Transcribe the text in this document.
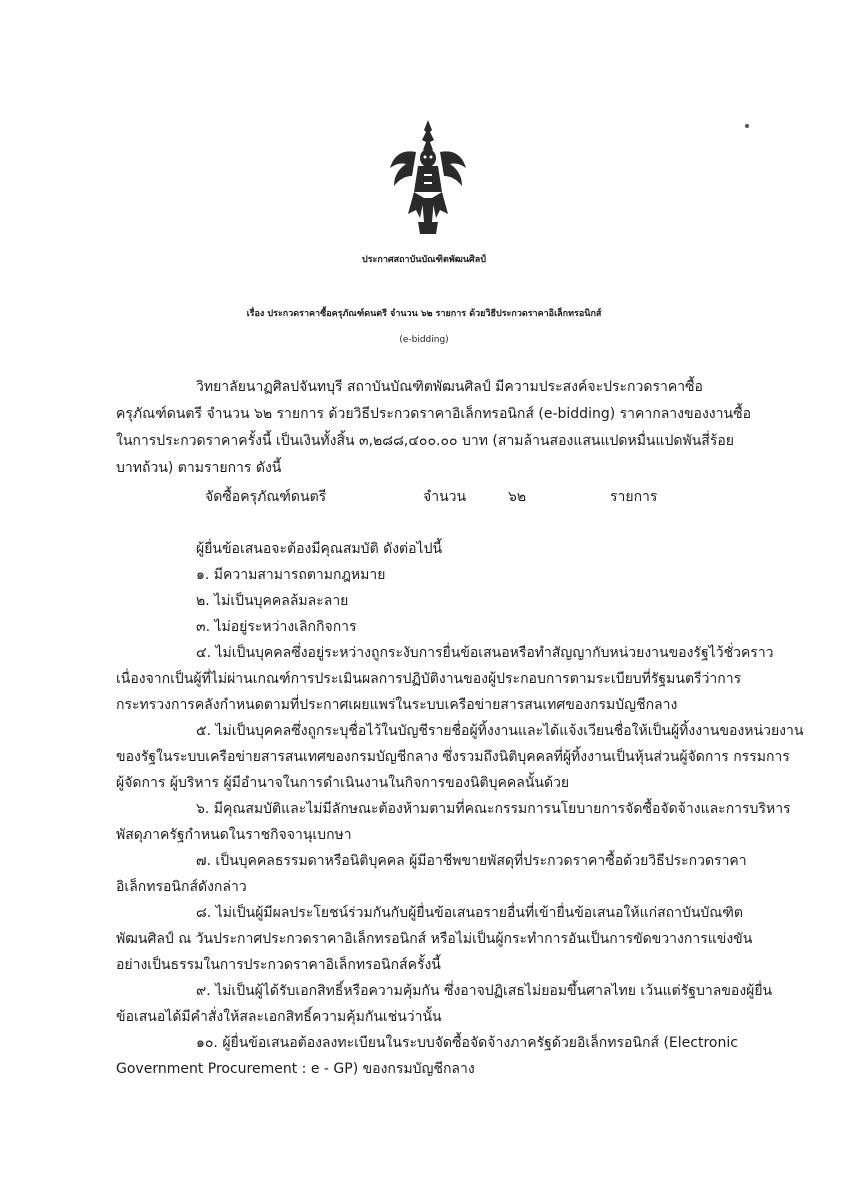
ประกาศสถาบันบัณฑิตพัฒนศิลป์
เรื่อง ประกวดราคาซื้อครุภัณฑ์ดนตรี จำนวน ๖๒ รายการ ด้วยวิธีประกวดราคาอิเล็กทรอนิกส์
(e-bidding)
วิทยาลัยนาฏศิลปจันทบุรี สถาบันบัณฑิตพัฒนศิลป์ มีความประสงค์จะประกวดราคาซื้อ
ครุภัณฑ์ดนตรี จำนวน ๖๒ รายการ ด้วยวิธีประกวดราคาอิเล็กทรอนิกส์ (e-bidding) ราคากลางของงานซื้อ
ในการประกวดราคาครั้งนี้ เป็นเงินทั้งสิ้น ๓,๒๘๘,๔๐๐.๐๐ บาท (สามล้านสองแสนแปดหมื่นแปดพันสี่ร้อย
บาทถ้วน) ตามรายการ ดังนี้
จัดซื้อครุภัณฑ์ดนตรี	จำนวน	๖๒	รายการ
ผู้ยื่นข้อเสนอจะต้องมีคุณสมบัติ ดังต่อไปนี้
๑. มีความสามารถตามกฎหมาย
๒. ไม่เป็นบุคคลล้มละลาย
๓. ไม่อยู่ระหว่างเลิกกิจการ
๔. ไม่เป็นบุคคลซึ่งอยู่ระหว่างถูกระงับการยื่นข้อเสนอหรือทำสัญญากับหน่วยงานของรัฐไว้ชั่วคราว
เนื่องจากเป็นผู้ที่ไม่ผ่านเกณฑ์การประเมินผลการปฏิบัติงานของผู้ประกอบการตามระเบียบที่รัฐมนตรีว่าการ
กระทรวงการคลังกำหนดตามที่ประกาศเผยแพร่ในระบบเครือข่ายสารสนเทศของกรมบัญชีกลาง
๕. ไม่เป็นบุคคลซึ่งถูกระบุชื่อไว้ในบัญชีรายชื่อผู้ทิ้งงานและได้แจ้งเวียนชื่อให้เป็นผู้ทิ้งงานของหน่วยงาน
ของรัฐในระบบเครือข่ายสารสนเทศของกรมบัญชีกลาง ซึ่งรวมถึงนิติบุคคลที่ผู้ทิ้งงานเป็นหุ้นส่วนผู้จัดการ กรรมการ
ผู้จัดการ ผู้บริหาร ผู้มีอำนาจในการดำเนินงานในกิจการของนิติบุคคลนั้นด้วย
๖. มีคุณสมบัติและไม่มีลักษณะต้องห้ามตามที่คณะกรรมการนโยบายการจัดซื้อจัดจ้างและการบริหาร
พัสดุภาครัฐกำหนดในราชกิจจานุเบกษา
๗. เป็นบุคคลธรรมดาหรือนิติบุคคล ผู้มีอาชีพขายพัสดุที่ประกวดราคาซื้อด้วยวิธีประกวดราคา
อิเล็กทรอนิกส์ดังกล่าว
๘. ไม่เป็นผู้มีผลประโยชน์ร่วมกันกับผู้ยื่นข้อเสนอรายอื่นที่เข้ายื่นข้อเสนอให้แก่สถาบันบัณฑิต
พัฒนศิลป์ ณ วันประกาศประกวดราคาอิเล็กทรอนิกส์ หรือไม่เป็นผู้กระทำการอันเป็นการขัดขวางการแข่งขัน
อย่างเป็นธรรมในการประกวดราคาอิเล็กทรอนิกส์ครั้งนี้
๙. ไม่เป็นผู้ได้รับเอกสิทธิ์หรือความคุ้มกัน ซึ่งอาจปฏิเสธไม่ยอมขึ้นศาลไทย เว้นแต่รัฐบาลของผู้ยื่น
ข้อเสนอได้มีคำสั่งให้สละเอกสิทธิ์ความคุ้มกันเช่นว่านั้น
๑๐. ผู้ยื่นข้อเสนอต้องลงทะเบียนในระบบจัดซื้อจัดจ้างภาครัฐด้วยอิเล็กทรอนิกส์ (Electronic
Government Procurement : e - GP) ของกรมบัญชีกลาง
